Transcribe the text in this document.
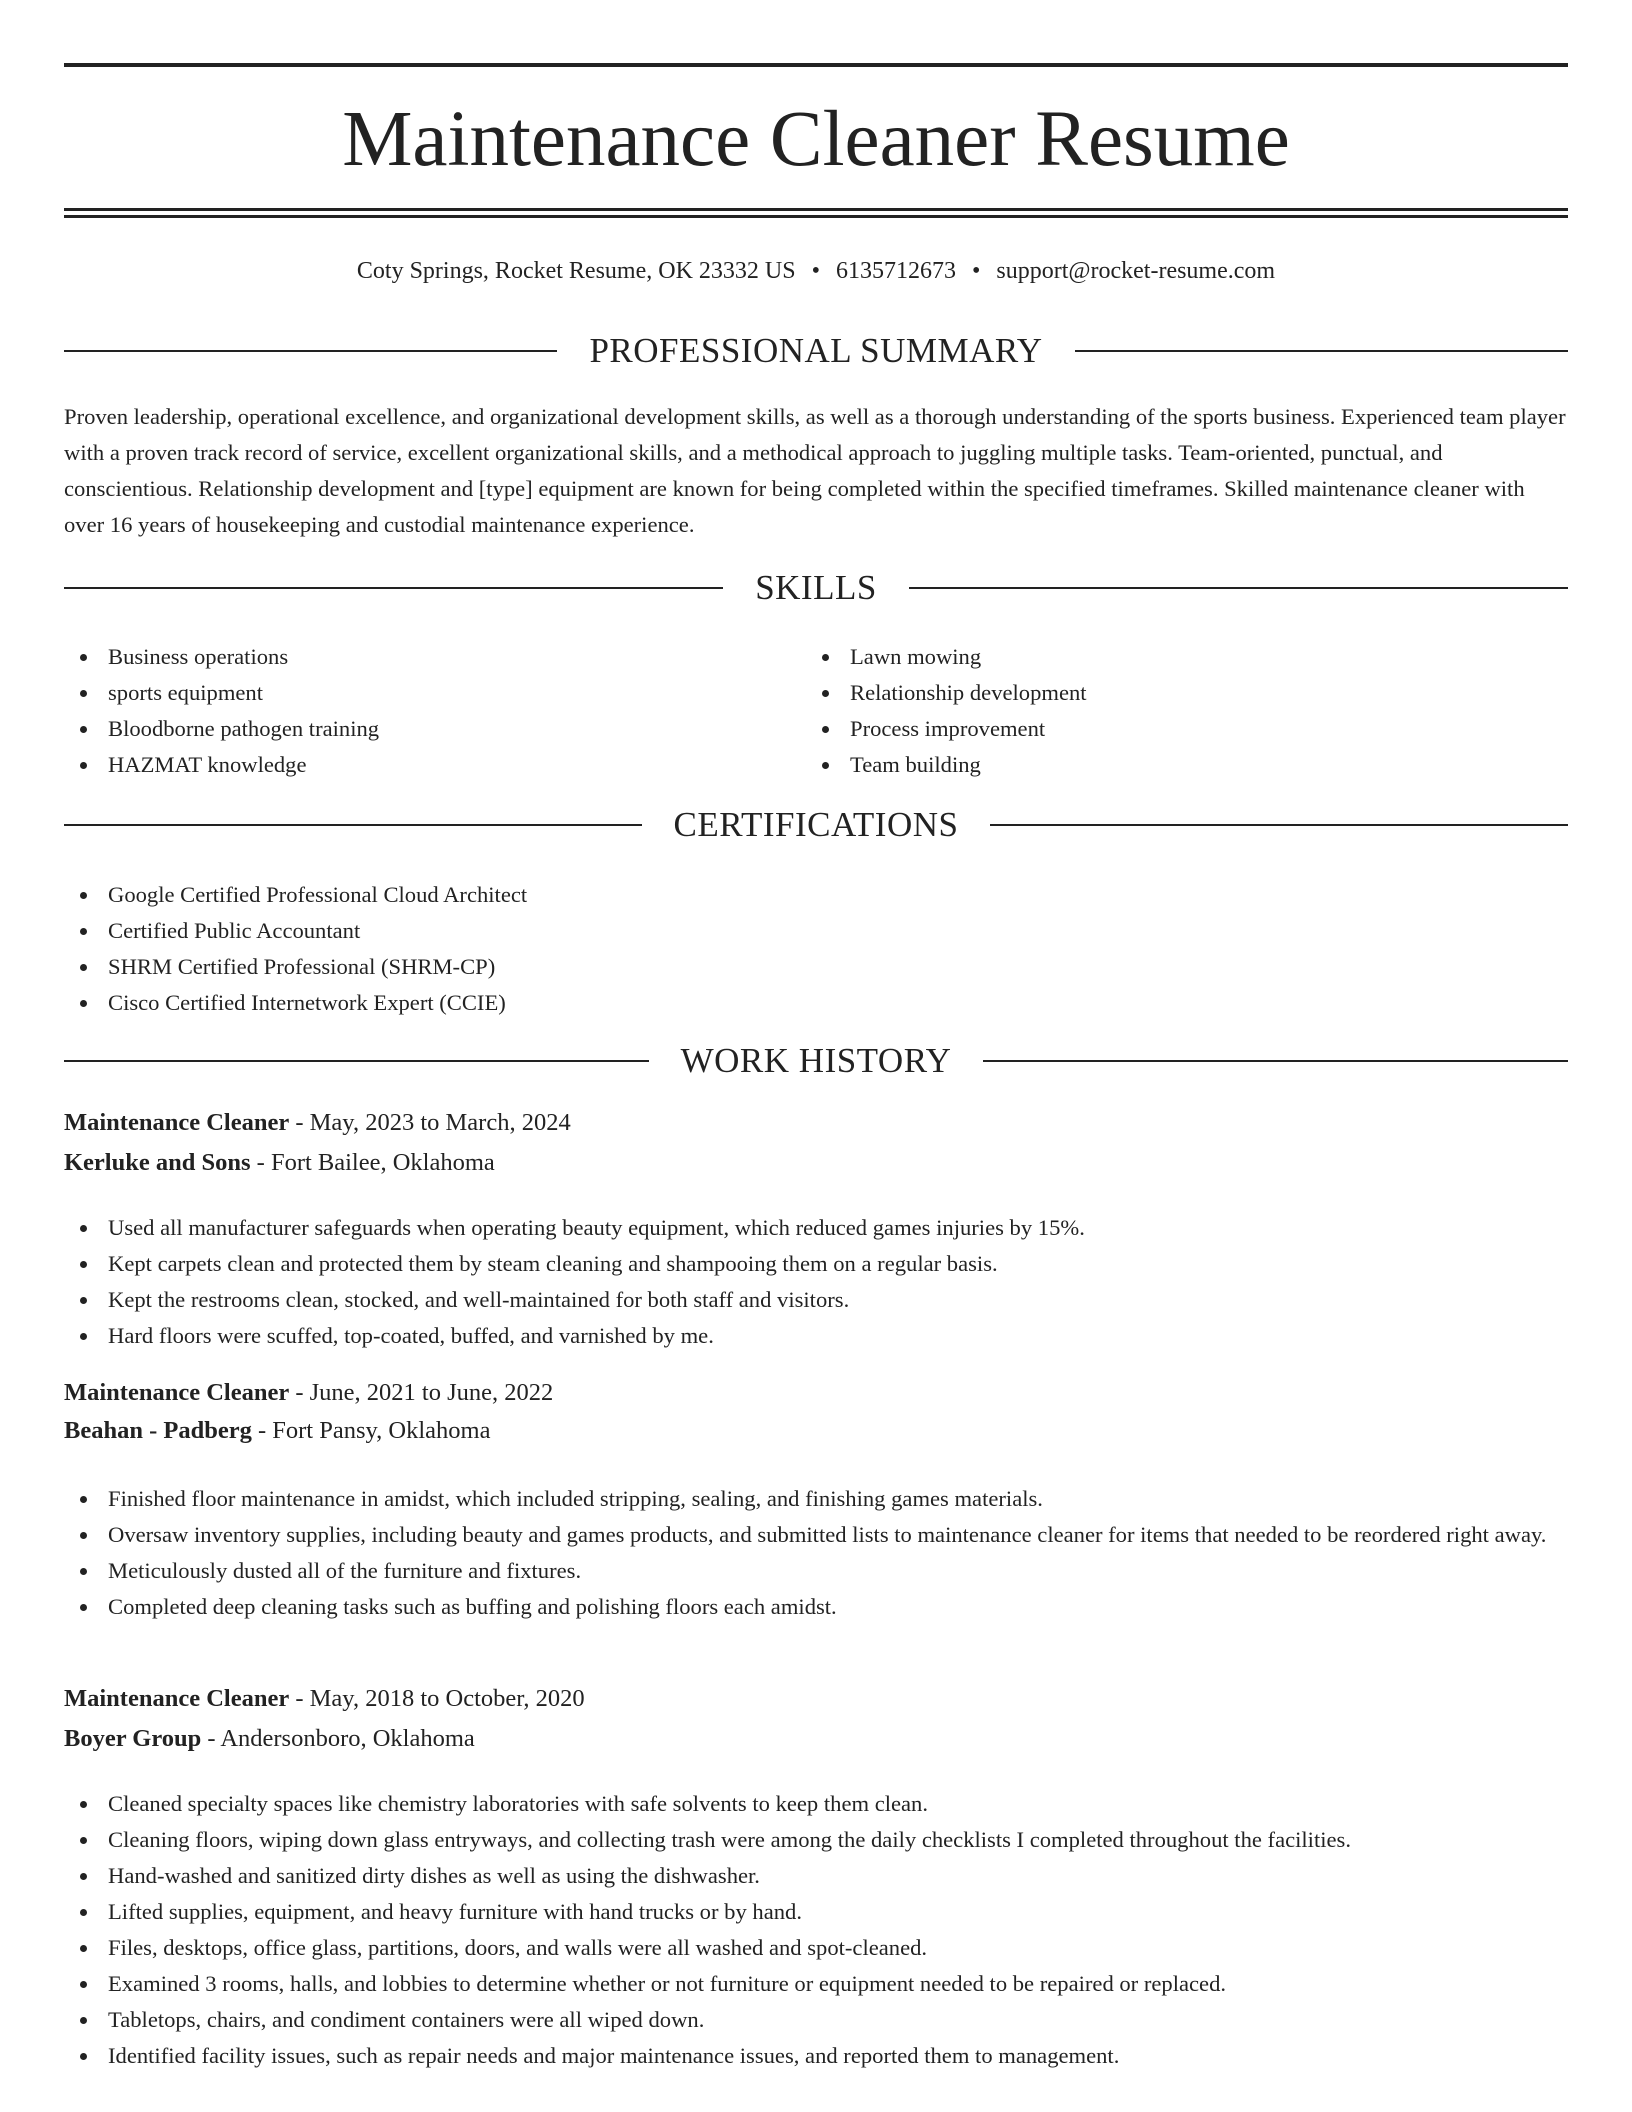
Maintenance Cleaner Resume
Coty Springs, Rocket Resume, OK 23332 US • 6135712673 • support@rocket-resume.com
PROFESSIONAL SUMMARY

Proven leadership, operational excellence, and organizational development skills, as well as a thorough understanding of the sports business. Experienced team player with a proven track record of service, excellent organizational skills, and a methodical approach to juggling multiple tasks. Team-oriented, punctual, and conscientious. Relationship development and [type] equipment are known for being completed within the specified timeframes. Skilled maintenance cleaner with over 16 years of housekeeping and custodial maintenance experience.

SKILLS
Business operations
sports equipment
Bloodborne pathogen training
HAZMAT knowledge
Lawn mowing
Relationship development
Process improvement
Team building
CERTIFICATIONS
Google Certified Professional Cloud Architect
Certified Public Accountant
SHRM Certified Professional (SHRM-CP)
Cisco Certified Internetwork Expert (CCIE)
WORK HISTORY
Maintenance Cleaner - May, 2023 to March, 2024
Kerluke and Sons - Fort Bailee, Oklahoma
Used all manufacturer safeguards when operating beauty equipment, which reduced games injuries by 15%.
Kept carpets clean and protected them by steam cleaning and shampooing them on a regular basis.
Kept the restrooms clean, stocked, and well-maintained for both staff and visitors.
Hard floors were scuffed, top-coated, buffed, and varnished by me.
Maintenance Cleaner - June, 2021 to June, 2022
Beahan - Padberg - Fort Pansy, Oklahoma
Finished floor maintenance in amidst, which included stripping, sealing, and finishing games materials.
Oversaw inventory supplies, including beauty and games products, and submitted lists to maintenance cleaner for items that needed to be reordered right away.
Meticulously dusted all of the furniture and fixtures.
Completed deep cleaning tasks such as buffing and polishing floors each amidst.
Maintenance Cleaner - May, 2018 to October, 2020
Boyer Group - Andersonboro, Oklahoma
Cleaned specialty spaces like chemistry laboratories with safe solvents to keep them clean.
Cleaning floors, wiping down glass entryways, and collecting trash were among the daily checklists I completed throughout the facilities.
Hand-washed and sanitized dirty dishes as well as using the dishwasher.
Lifted supplies, equipment, and heavy furniture with hand trucks or by hand.
Files, desktops, office glass, partitions, doors, and walls were all washed and spot-cleaned.
Examined 3 rooms, halls, and lobbies to determine whether or not furniture or equipment needed to be repaired or replaced.
Tabletops, chairs, and condiment containers were all wiped down.
Identified facility issues, such as repair needs and major maintenance issues, and reported them to management.
